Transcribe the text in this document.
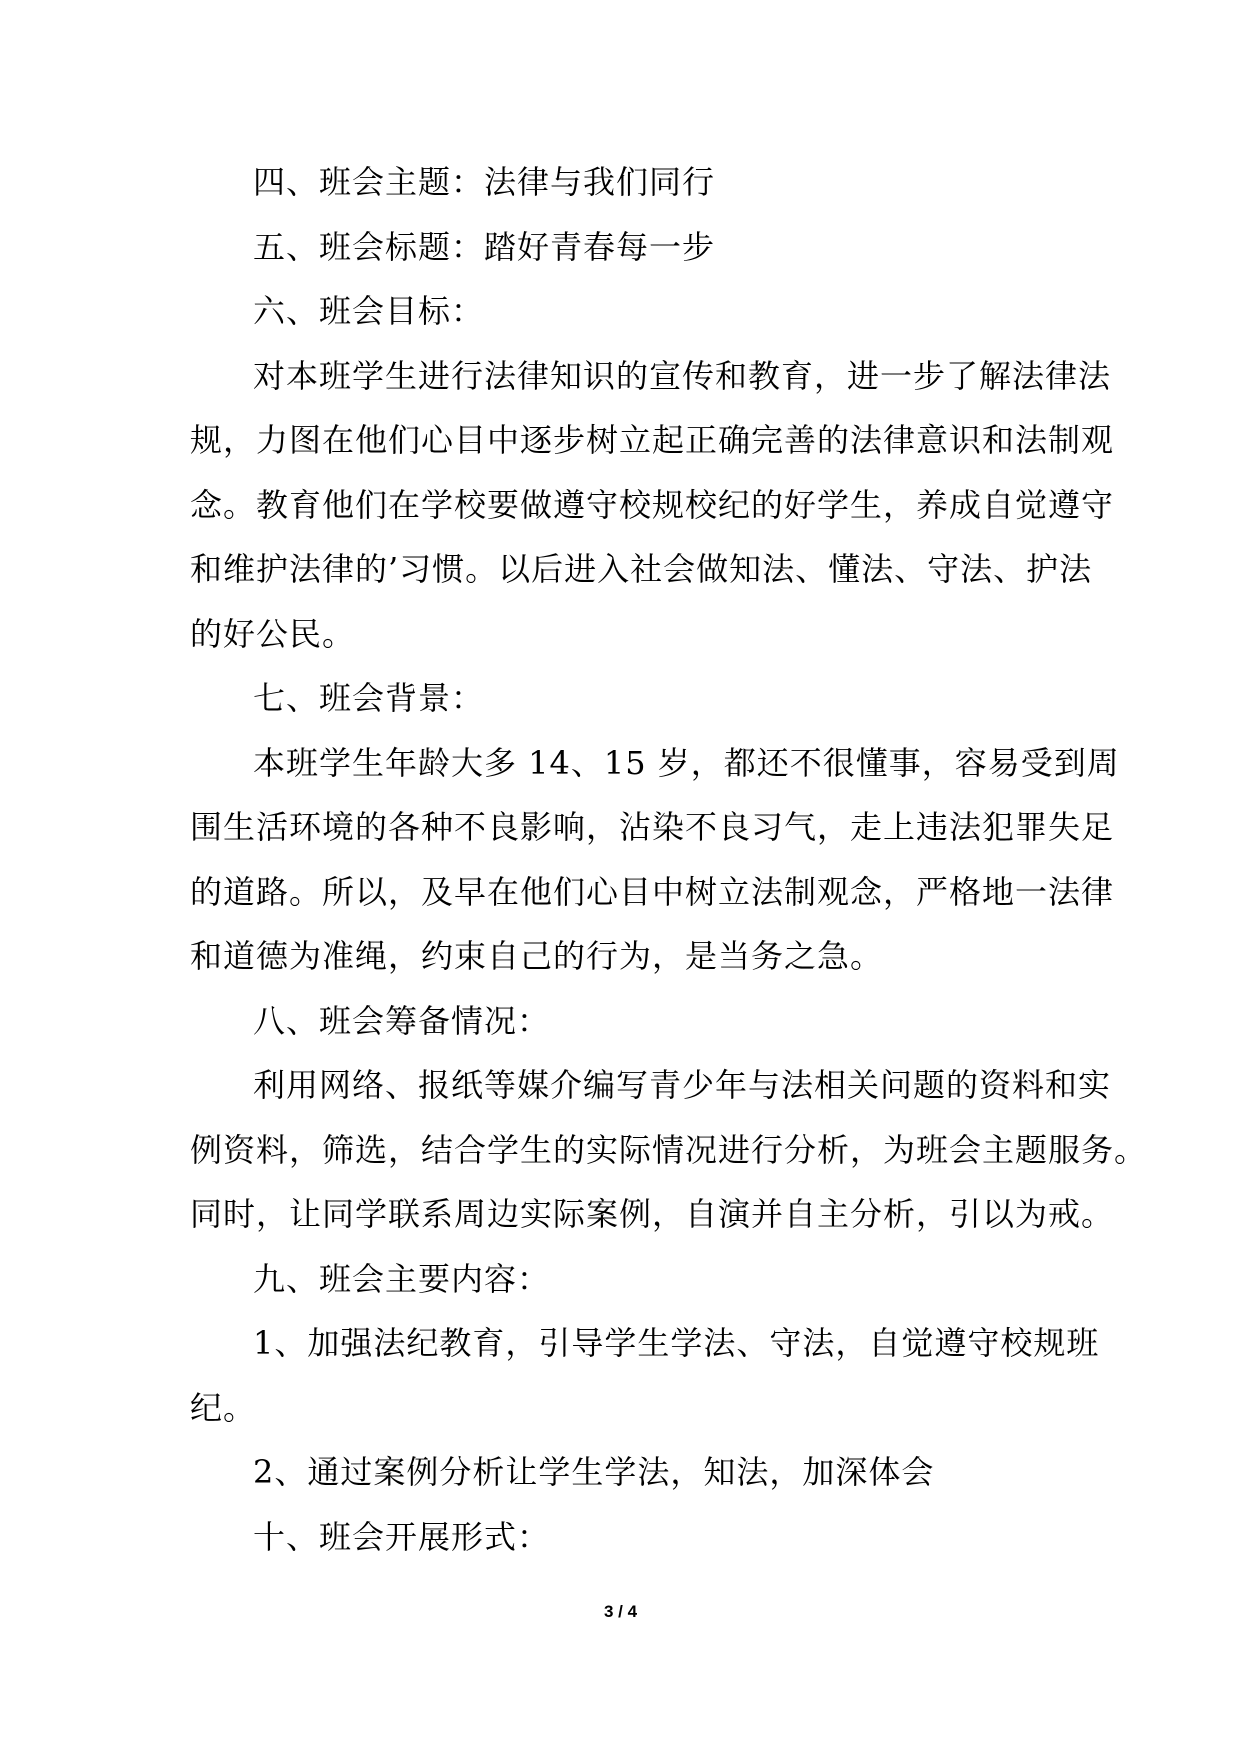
四、班会主题：法律与我们同行

五、班会标题：踏好青春每一步

六、班会目标：

对本班学生进行法律知识的宣传和教育，进一步了解法律法

规，力图在他们心目中逐步树立起正确完善的法律意识和法制观

念。教育他们在学校要做遵守校规校纪的好学生，养成自觉遵守

和维护法律的’习惯。以后进入社会做知法、懂法、守法、护法

的好公民。

七、班会背景：

本班学生年龄大多 14、15 岁，都还不很懂事，容易受到周

围生活环境的各种不良影响，沾染不良习气，走上违法犯罪失足

的道路。所以，及早在他们心目中树立法制观念，严格地一法律

和道德为准绳，约束自己的行为，是当务之急。

八、班会筹备情况：

利用网络、报纸等媒介编写青少年与法相关问题的资料和实

例资料，筛选，结合学生的实际情况进行分析，为班会主题服务。

同时，让同学联系周边实际案例，自演并自主分析，引以为戒。

九、班会主要内容：

1、加强法纪教育，引导学生学法、守法，自觉遵守校规班

纪。

2、通过案例分析让学生学法，知法，加深体会

十、班会开展形式：

3 / 4
